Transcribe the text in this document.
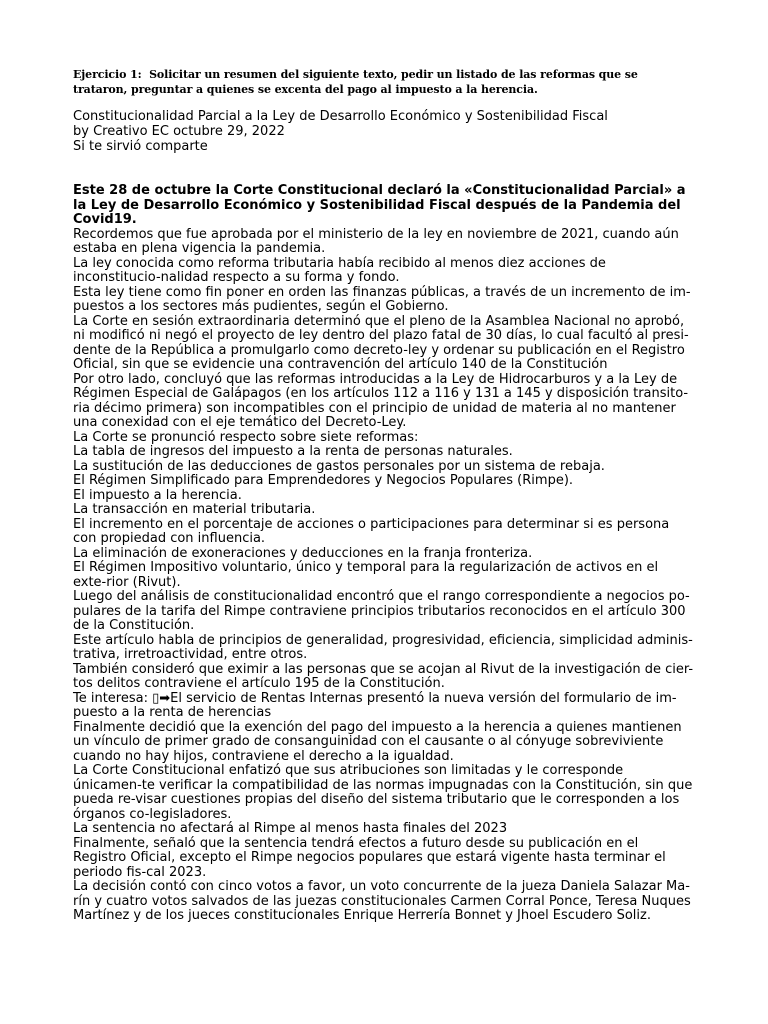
Ejercicio 1: Solicitar un resumen del siguiente texto, pedir un listado de las reformas que se trataron, preguntar a quienes se excenta del pago al impuesto a la herencia.

Constitucionalidad Parcial a la Ley de Desarrollo Económico y Sostenibilidad Fiscal
by Creativo EC octubre 29, 2022
Si te sirvió comparte

Este 28 de octubre la Corte Constitucional declaró la «Constitucionalidad Parcial» a la Ley de Desarrollo Económico y Sostenibilidad Fiscal después de la Pandemia del Covid19.

Recordemos que fue aprobada por el ministerio de la ley en noviembre de 2021, cuando aún estaba en plena vigencia la pandemia.

La ley conocida como reforma tributaria había recibido al menos diez acciones de inconstitucio-nalidad respecto a su forma y fondo.

Esta ley tiene como fin poner en orden las finanzas públicas, a través de un incremento de im-puestos a los sectores más pudientes, según el Gobierno.

La Corte en sesión extraordinaria determinó que el pleno de la Asamblea Nacional no aprobó, ni modificó ni negó el proyecto de ley dentro del plazo fatal de 30 días, lo cual facultó al presi-dente de la República a promulgarlo como decreto-ley y ordenar su publicación en el Registro Oficial, sin que se evidencie una contravención del artículo 140 de la Constitución

Por otro lado, concluyó que las reformas introducidas a la Ley de Hidrocarburos y a la Ley de Régimen Especial de Galápagos (en los artículos 112 a 116 y 131 a 145 y disposición transito-ria décimo primera) son incompatibles con el principio de unidad de materia al no mantener una conexidad con el eje temático del Decreto-Ley.

La Corte se pronunció respecto sobre siete reformas:

La tabla de ingresos del impuesto a la renta de personas naturales.

La sustitución de las deducciones de gastos personales por un sistema de rebaja.

El Régimen Simplificado para Emprendedores y Negocios Populares (Rimpe).

El impuesto a la herencia.

La transacción en material tributaria.

El incremento en el porcentaje de acciones o participaciones para determinar si es persona con propiedad con influencia.

La eliminación de exoneraciones y deducciones en la franja fronteriza.

El Régimen Impositivo voluntario, único y temporal para la regularización de activos en el exte-rior (Rivut).

Luego del análisis de constitucionalidad encontró que el rango correspondiente a negocios po-pulares de la tarifa del Rimpe contraviene principios tributarios reconocidos en el artículo 300 de la Constitución.

Este artículo habla de principios de generalidad, progresividad, eficiencia, simplicidad adminis-trativa, irretroactividad, entre otros.

También consideró que eximir a las personas que se acojan al Rivut de la investigación de cier-tos delitos contraviene el artículo 195 de la Constitución.

Te interesa: ▯➡El servicio de Rentas Internas presentó la nueva versión del formulario de im-puesto a la renta de herencias

Finalmente decidió que la exención del pago del impuesto a la herencia a quienes mantienen un vínculo de primer grado de consanguinidad con el causante o al cónyuge sobreviviente cuando no hay hijos, contraviene el derecho a la igualdad.

La Corte Constitucional enfatizó que sus atribuciones son limitadas y le corresponde únicamen-te verificar la compatibilidad de las normas impugnadas con la Constitución, sin que pueda re-visar cuestiones propias del diseño del sistema tributario que le corresponden a los órganos co-legisladores.

La sentencia no afectará al Rimpe al menos hasta finales del 2023

Finalmente, señaló que la sentencia tendrá efectos a futuro desde su publicación en el Registro Oficial, excepto el Rimpe negocios populares que estará vigente hasta terminar el periodo fis-cal 2023.

La decisión contó con cinco votos a favor, un voto concurrente de la jueza Daniela Salazar Ma-rín y cuatro votos salvados de las juezas constitucionales Carmen Corral Ponce, Teresa Nuques Martínez y de los jueces constitucionales Enrique Herrería Bonnet y Jhoel Escudero Soliz.
